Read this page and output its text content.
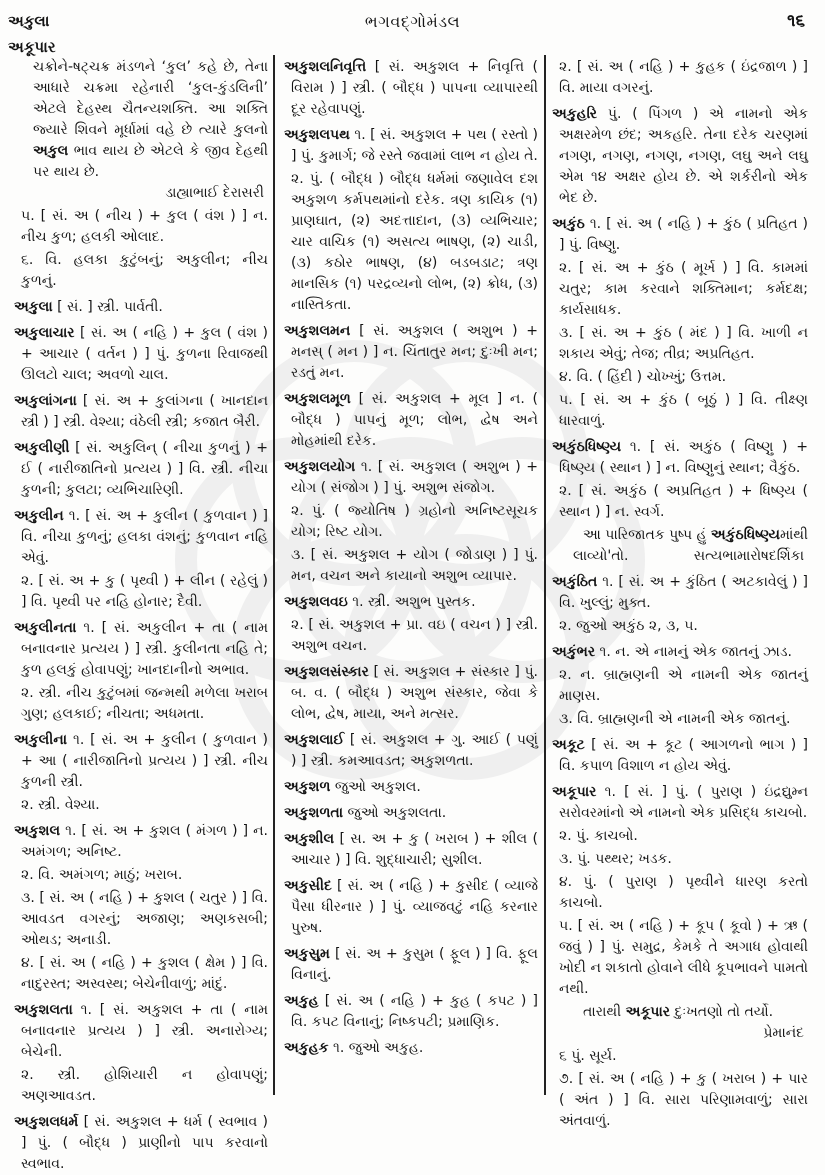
અકુલા
અકૂપાર
ભગવદ્ગોમંડલ	૧૬

ચક્રોને-ષટ્ચક્ર મંડળને ‘કુલ’ કહે છે, તેના આધારે ચક્રમા રહેનારી ‘કુલ-કુંડલિની’ એટલે દેહસ્થ ચૈતન્યશક્તિ. આ શક્તિ જ્યારે શિવને મૂર્ધામાં વહે છે ત્યારે કુલનો અકુલ ભાવ થાય છે એટલે કે જીવ દેહથી પર થાય છે.

ડાહ્યાભાઈ દેરાસરી

૫. [ સં. અ ( નીચ ) + કુલ ( વંશ ) ] ન. નીચ કુળ; હલકી ઓલાદ.

૬. વિ. હલકા કુટુંબનું; અકુલીન; નીચ કુળનું.

અકુલા [ સં. ] સ્ત્રી. પાર્વતી.

અકુલાચાર [ સં. અ ( નહિ ) + કુલ ( વંશ ) + આચાર ( વર્તન ) ] પું. કુળના રિવાજથી ઊલટો ચાલ; અવળો ચાલ.

અકુલાંગના [ સં. અ + કુલાંગના ( ખાનદાન સ્ત્રી ) ] સ્ત્રી. વેશ્યા; વંઠેલી સ્ત્રી; કજાત બૈરી.

અકુલીણી [ સં. અકુલિન્ ( નીચા કુળનું ) + ઈ ( નારીજાતિનો પ્રત્યય ) ] વિ. સ્ત્રી. નીચા કુળની; કુલટા; વ્યભિચારિણી.

અકુલીન ૧. [ સં. અ + કુલીન ( કુળવાન ) ] વિ. નીચા કુળનું; હલકા વંશનું; કુળવાન નહિ એવું.

૨. [ સં. અ + કુ ( પૃથ્વી ) + લીન ( રહેલું ) ] વિ. પૃથ્વી પર નહિ હોનાર; દૈવી.

અકુલીનતા ૧. [ સં. અકુલીન + તા ( નામ બનાવનાર પ્રત્યય ) ] સ્ત્રી. કુલીનતા નહિ તે; કુળ હલકું હોવાપણું; ખાનદાનીનો અભાવ.

૨. સ્ત્રી. નીચ કુટુંબમાં જન્મથી મળેલા ખરાબ ગુણ; હલકાઈ; નીચતા; અધમતા.

અકુલીના ૧. [ સં. અ + કુલીન ( કુળવાન ) + આ ( નારીજાતિનો પ્રત્યય ) ] સ્ત્રી. નીચ કુળની સ્ત્રી.

૨. સ્ત્રી. વેશ્યા.

અકુશલ ૧. [ સં. અ + કુશલ ( મંગળ ) ] ન. અમંગળ; અનિષ્ટ.

૨. વિ. અમંગળ; માઠું; ખરાબ.

૩. [ સં. અ ( નહિ ) + કુશલ ( ચતુર ) ] વિ. આવડત વગરનું; અજાણ; અણકસબી; ઓથડ; અનાડી.

૪. [ સં. અ ( નહિ ) + કુશલ ( ક્ષેમ ) ] વિ. નાદુરસ્ત; અસ્વસ્થ; બેચેનીવાળું; માંદું.

અકુશલતા ૧. [ સં. અકુશલ + તા ( નામ બનાવનાર પ્રત્યય ) ] સ્ત્રી. અનારોગ્ય; બેચેની.

૨. સ્ત્રી. હોશિયારી ન હોવાપણું; અણઆવડત.

અકુશલધર્મ [ સં. અકુશલ + ધર્મ ( સ્વભાવ ) ] પું. ( બૌદ્ધ ) પ્રાણીનો પાપ કરવાનો સ્વભાવ.

અકુશલનિવૃત્તિ [ સં. અકુશલ + નિવૃત્તિ ( વિરામ ) ] સ્ત્રી. ( બૌદ્ધ ) પાપના વ્યાપારથી દૂર રહેવાપણું.

અકુશલપથ ૧. [ સં. અકુશલ + પથ ( રસ્તો ) ] પું. કુમાર્ગ; જે રસ્તે જવામાં લાભ ન હોય તે.

૨. પું. ( બૌદ્ધ ) બૌદ્ધ ધર્મમાં જણાવેલ દશ અકુશળ કર્મપથમાંનો દરેક. ત્રણ કાયિક (૧) પ્રાણઘાત, (૨) અદત્તાદાન, (૩) વ્યભિચાર; ચાર વાચિક (૧) અસત્ય ભાષણ, (૨) ચાડી, (૩) કઠોર ભાષણ, (૪) બડબડાટ; ત્રણ માનસિક (૧) પરદ્રવ્યનો લોભ, (૨) ક્રોધ, (૩) નાસ્તિકતા.

અકુશલમન [ સં. અકુશલ ( અશુભ ) + મનસ્ ( મન ) ] ન. ચિંતાતુર મન; દુઃખી મન; રડતું મન.

અકુશલમૂળ [ સં. અકુશલ + મૂલ ] ન. ( બૌદ્ધ ) પાપનું મૂળ; લોભ, દ્વેષ અને મોહમાંથી દરેક.

અકુશલયોગ ૧. [ સં. અકુશલ ( અશુભ ) + યોગ ( સંજોગ ) ] પું. અશુભ સંજોગ.

૨. પું. ( જ્યોતિષ ) ગ્રહોનો અનિષ્ટસૂચક યોગ; રિષ્ટ યોગ.

૩. [ સં. અકુશલ + યોગ ( જોડાણ ) ] પું. મન, વચન અને કાયાનો અશુભ વ્યાપાર.

અકુશલવઇ ૧. સ્ત્રી. અશુભ પુસ્તક.

૨. [ સં. અકુશલ + પ્રા. વઇ ( વચન ) ] સ્ત્રી. અશુભ વચન.

અકુશલસંસ્કાર [ સં. અકુશલ + સંસ્કાર ] પું. બ. વ. ( બૌદ્ધ ) અશુભ સંસ્કાર, જેવા કે લોભ, દ્વેષ, માયા, અને મત્સર.

અકુશલાઈ [ સં. અકુશલ + ગુ. આઈ ( પણું ) ] સ્ત્રી. કમઆવડત; અકુશળતા.

અકુશળ જુઓ અકુશલ.

અકુશળતા જુઓ અકુશલતા.

અકુશીલ [ સ. અ + કુ ( ખરાબ ) + શીલ ( આચાર ) ] વિ. શુદ્ધાચારી; સુશીલ.

અકુસીદ [ સં. અ ( નહિ ) + કુસીદ ( વ્યાજે પૈસા ધીરનાર ) ] પું. વ્યાજવટું નહિ કરનાર પુરુષ.

અકુસુમ [ સં. અ + કુસુમ ( ફૂલ ) ] વિ. ફૂલ વિનાનું.

અકુહ [ સં. અ ( નહિ ) + કુહ ( કપટ ) ] વિ. કપટ વિનાનું; નિષ્કપટી; પ્રમાણિક.

અકુહક ૧. જુઓ અકુહ.

૨. [ સં. અ ( નહિ ) + કુહક ( ઇંદ્રજાળ ) ] વિ. માયા વગરનું.

અકુહરિ પું. ( પિંગળ ) એ નામનો એક અક્ષરમેળ છંદ; અકહરિ. તેના દરેક ચરણમાં નગણ, નગણ, નગણ, નગણ, લઘુ અને લઘુ એમ ૧૪ અક્ષર હોય છે. એ શર્કરીનો એક ભેદ છે.

અકુંઠ ૧. [ સં. અ ( નહિ ) + કુંઠ ( પ્રતિહત ) ] પું. વિષ્ણુ.

૨. [ સં. અ + કુંઠ ( મૂર્ખ ) ] વિ. કામમાં ચતુર; કામ કરવાને શક્તિમાન; કર્મદક્ષ; કાર્યસાધક.

૩. [ સં. અ + કુંઠ ( મંદ ) ] વિ. ખાળી ન શકાય એવું; તેજ; તીવ્ર; અપ્રતિહત.

૪. વિ. ( હિંદી ) ચોખ્ખું; ઉત્તમ.

૫. [ સં. અ + કુંઠ ( બૂઠું ) ] વિ. તીક્ષ્ણ ધારવાળું.

અકુંઠધિષ્ણ્ય ૧. [ સં. અકુંઠ ( વિષ્ણુ ) + ધિષ્ણ્ય ( સ્થાન ) ] ન. વિષ્ણુનું સ્થાન; વૈકુંઠ.

૨. [ સં. અકુંઠ ( અપ્રતિહત ) + ધિષ્ણ્ય ( સ્થાન ) ] ન. સ્વર્ગ.

આ પારિજાતક પુષ્પ હું અકુંઠધિષ્ણ્યમાંથી લાવ્યો'તો.	સત્યભામારોષદર્શિકા

અકુંઠિત ૧. [ સં. અ + કુંઠિત ( અટકાવેલું ) ] વિ. ખુલ્લું; મુક્ત.

૨. જુઓ અકુંઠ ૨, ૩, ૫.

અકુંભર ૧. ન. એ નામનું એક જાતનું ઝાડ.

૨. ન. બ્રાહ્મણની એ નામની એક જાતનું માણસ.

૩. વિ. બ્રાહ્મણની એ નામની એક જાતનું.

અકૂટ [ સં. અ + કૂટ ( આગળનો ભાગ ) ] વિ. કપાળ વિશાળ ન હોય એવું.

અકૂપાર ૧. [ સં. ] પું. ( પુરાણ ) ઇંદ્રદ્યુમ્ન સરોવરમાંનો એ નામનો એક પ્રસિદ્ધ કાચબો.

૨. પું. કાચબો.

૩. પું. પથ્થર; ખડક.

૪. પું. ( પુરાણ ) પૃથ્વીને ધારણ કરતો કાચબો.

૫. [ સં. અ ( નહિ ) + કૂપ ( કૂવો ) + ઋ ( જવું ) ] પું. સમુદ્ર, કેમકે તે અગાધ હોવાથી ખોદી ન શકાતો હોવાને લીધે કૂપભાવને પામતો નથી.

તારાથી અકૂપાર દુઃખતણો તો તર્યો.

પ્રેમાનંદ

૬ પું. સૂર્ય.

૭. [ સં. અ ( નહિ ) + કુ ( ખરાબ ) + પાર ( અંત ) ] વિ. સારા પરિણામવાળું; સારા અંતવાળું.
